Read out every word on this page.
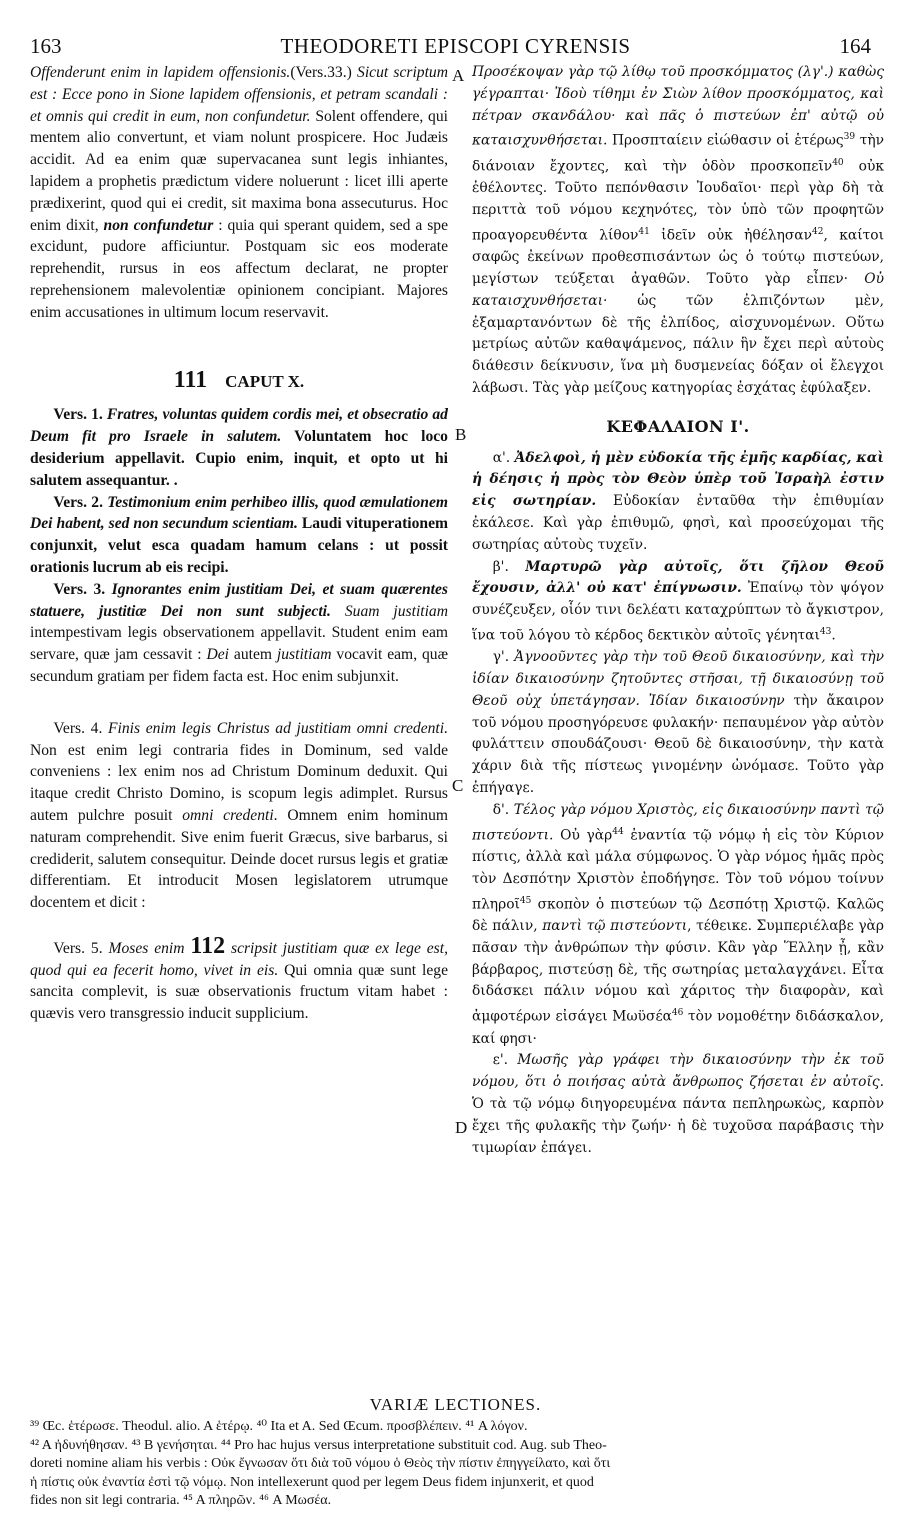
163	THEODORETI EPISCOPI CYRENSIS	164
A
B
C
D

Offenderunt enim in lapidem offensionis.(Vers.33.) Sicut scriptum est : Ecce pono in Sione lapidem offensionis, et petram scandali : et omnis qui credit in eum, non confundetur. Solent offendere, qui mentem alio convertunt, et viam nolunt prospicere. Hoc Judæis accidit. Ad ea enim quæ supervacanea sunt legis inhiantes, lapidem a prophetis prædictum videre noluerunt : licet illi aperte prædixerint, quod qui ei credit, sit maxima bona assecuturus. Hoc enim dixit, non confundetur : quia qui sperant quidem, sed a spe excidunt, pudore afficiuntur. Postquam sic eos moderate reprehendit, rursus in eos affectum declarat, ne propter reprehensionem malevolentiæ opinionem concipiant. Majores enim accusationes in ultimum locum reservavit.

111 CAPUT X.

Vers. 1. Fratres, voluntas quidem cordis mei, et obsecratio ad Deum fit pro Israele in salutem. Voluntatem hoc loco desiderium appellavit. Cupio enim, inquit, et opto ut hi salutem assequantur. .

Vers. 2. Testimonium enim perhibeo illis, quod æmulationem Dei habent, sed non secundum scientiam. Laudi vituperationem conjunxit, velut esca quadam hamum celans : ut possit orationis lucrum ab eis recipi.

Vers. 3. Ignorantes enim justitiam Dei, et suam quærentes statuere, justitiæ Dei non sunt subjecti. Suam justitiam intempestivam legis observationem appellavit. Student enim eam servare, quæ jam cessavit : Dei autem justitiam vocavit eam, quæ secundum gratiam per fidem facta est. Hoc enim subjunxit.

Vers. 4. Finis enim legis Christus ad justitiam omni credenti. Non est enim legi contraria fides in Dominum, sed valde conveniens : lex enim nos ad Christum Dominum deduxit. Qui itaque credit Christo Domino, is scopum legis adimplet. Rursus autem pulchre posuit omni credenti. Omnem enim hominum naturam comprehendit. Sive enim fuerit Græcus, sive barbarus, si crediderit, salutem consequitur. Deinde docet rursus legis et gratiæ differentiam. Et introducit Mosen legislatorem utrumque docentem et dicit :

Vers. 5. Moses enim 112 scripsit justitiam quæ ex lege est, quod qui ea fecerit homo, vivet in eis. Qui omnia quæ sunt lege sancita complevit, is suæ observationis fructum vitam habet : quævis vero transgressio inducit supplicium.

Προσέκοψαν γὰρ τῷ λίθῳ τοῦ προσκόμματος (λγ'.) καθὼς γέγραπται· Ἰδοὺ τίθημι ἐν Σιὼν λίθον προσκόμματος, καὶ πέτραν σκανδάλου· καὶ πᾶς ὁ πιστεύων ἐπ' αὐτῷ οὐ καταισχυνθήσεται. Προσπταίειν εἰώθασιν οἱ ἑτέρως$^{39}$ τὴν διάνοιαν ἔχοντες, καὶ τὴν ὁδὸν προσκοπεῖν$^{40}$ οὐκ ἐθέλοντες. Τοῦτο πεπόνθασιν Ἰουδαῖοι· περὶ γὰρ δὴ τὰ περιττὰ τοῦ νόμου κεχηνότες, τὸν ὑπὸ τῶν προφητῶν προαγορευθέντα λίθον$^{41}$ ἰδεῖν οὐκ ἠθέλησαν$^{42}$, καίτοι σαφῶς ἐκείνων προθεσπισάντων ὡς ὁ τούτῳ πιστεύων, μεγίστων τεύξεται ἀγαθῶν. Τοῦτο γὰρ εἶπεν· Οὐ καταισχυνθήσεται· ὡς τῶν ἐλπιζόντων μὲν, ἐξαμαρτανόντων δὲ τῆς ἐλπίδος, αἰσχυνομένων. Οὕτω μετρίως αὐτῶν καθαψάμενος, πάλιν ἣν ἔχει περὶ αὐτοὺς διάθεσιν δείκνυσιν, ἵνα μὴ δυσμενείας δόξαν οἱ ἔλεγχοι λάβωσι. Τὰς γὰρ μείζους κατηγορίας ἐσχάτας ἐφύλαξεν.

ΚΕΦΑΛΑΙΟΝ Ι'.

α'. Ἀδελφοὶ, ἡ μὲν εὐδοκία τῆς ἐμῆς καρδίας, καὶ ἡ δέησις ἡ πρὸς τὸν Θεὸν ὑπὲρ τοῦ Ἰσραὴλ ἐστιν εἰς σωτηρίαν. Εὐδοκίαν ἐνταῦθα τὴν ἐπιθυμίαν ἐκάλεσε. Καὶ γὰρ ἐπιθυμῶ, φησὶ, καὶ προσεύχομαι τῆς σωτηρίας αὐτοὺς τυχεῖν.

β'. Μαρτυρῶ γὰρ αὐτοῖς, ὅτι ζῆλον Θεοῦ ἔχουσιν, ἀλλ' οὐ κατ' ἐπίγνωσιν. Ἐπαίνῳ τὸν ψόγον συνέζευξεν, οἷόν τινι δελέατι καταχρύπτων τὸ ἄγκιστρον, ἵνα τοῦ λόγου τὸ κέρδος δεκτικὸν αὐτοῖς γένηται$^{43}$.

γ'. Ἀγνοοῦντες γὰρ τὴν τοῦ Θεοῦ δικαιοσύνην, καὶ τὴν ἰδίαν δικαιοσύνην ζητοῦντες στῆσαι, τῇ δικαιοσύνῃ τοῦ Θεοῦ οὐχ ὑπετάγησαν. Ἰδίαν δικαιοσύνην τὴν ἄκαιρον τοῦ νόμου προσηγόρευσε φυλακήν· πεπαυμένον γὰρ αὐτὸν φυλάττειν σπουδάζουσι· Θεοῦ δὲ δικαιοσύνην, τὴν κατὰ χάριν διὰ τῆς πίστεως γινομένην ὠνόμασε. Τοῦτο γὰρ ἐπήγαγε.

δ'. Τέλος γὰρ νόμου Χριστὸς, εἰς δικαιοσύνην παντὶ τῷ πιστεύοντι. Οὐ γὰρ$^{44}$ ἐναντία τῷ νόμῳ ἡ εἰς τὸν Κύριον πίστις, ἀλλὰ καὶ μάλα σύμφωνος. Ὁ γὰρ νόμος ἡμᾶς πρὸς τὸν Δεσπότην Χριστὸν ἐποδήγησε. Τὸν τοῦ νόμου τοίνυν πληροῖ$^{45}$ σκοπὸν ὁ πιστεύων τῷ Δεσπότῃ Χριστῷ. Καλῶς δὲ πάλιν, παντὶ τῷ πιστεύοντι, τέθεικε. Συμπεριέλαβε γὰρ πᾶσαν τὴν ἀνθρώπων τὴν φύσιν. Κἂν γὰρ Ἕλλην ᾖ, κἂν βάρβαρος, πιστεύσῃ δὲ, τῆς σωτηρίας μεταλαγχάνει. Εἶτα διδάσκει πάλιν νόμου καὶ χάριτος τὴν διαφορὰν, καὶ ἀμφοτέρων εἰσάγει Μωϋσέα$^{46}$ τὸν νομοθέτην διδάσκαλον, καί φησι·

ε'. Μωσῆς γὰρ γράφει τὴν δικαιοσύνην τὴν ἐκ τοῦ νόμου, ὅτι ὁ ποιήσας αὐτὰ ἄνθρωπος ζήσεται ἐν αὐτοῖς. Ὁ τὰ τῷ νόμῳ διηγορευμένα πάντα πεπληρωκὼς, καρπὸν ἔχει τῆς φυλακῆς τὴν ζωήν· ἡ δὲ τυχοῦσα παράβασις τὴν τιμωρίαν ἐπάγει.

VARIÆ LECTIONES.
³⁹ Œc. ἑτέρωσε. Theodul. alio. A ἑτέρῳ. ⁴⁰ Ita et A. Sed Œcum. προσβλέπειν. ⁴¹ A λόγον.
⁴² A ἠδυνήθησαν. ⁴³ B γενήσηται. ⁴⁴ Pro hac hujus versus interpretatione substituit cod. Aug. sub Theo-
doreti nomine aliam his verbis : Οὐκ ἔγνωσαν ὅτι διὰ τοῦ νόμου ὁ Θεὸς τὴν πίστιν ἐπηγγείλατο, καὶ ὅτι
ἡ πίστις οὐκ ἐναντία ἐστὶ τῷ νόμῳ. Non intellexerunt quod per legem Deus fidem injunxerit, et quod
fides non sit legi contraria. ⁴⁵ A πληρῶν. ⁴⁶ A Μωσέα.
